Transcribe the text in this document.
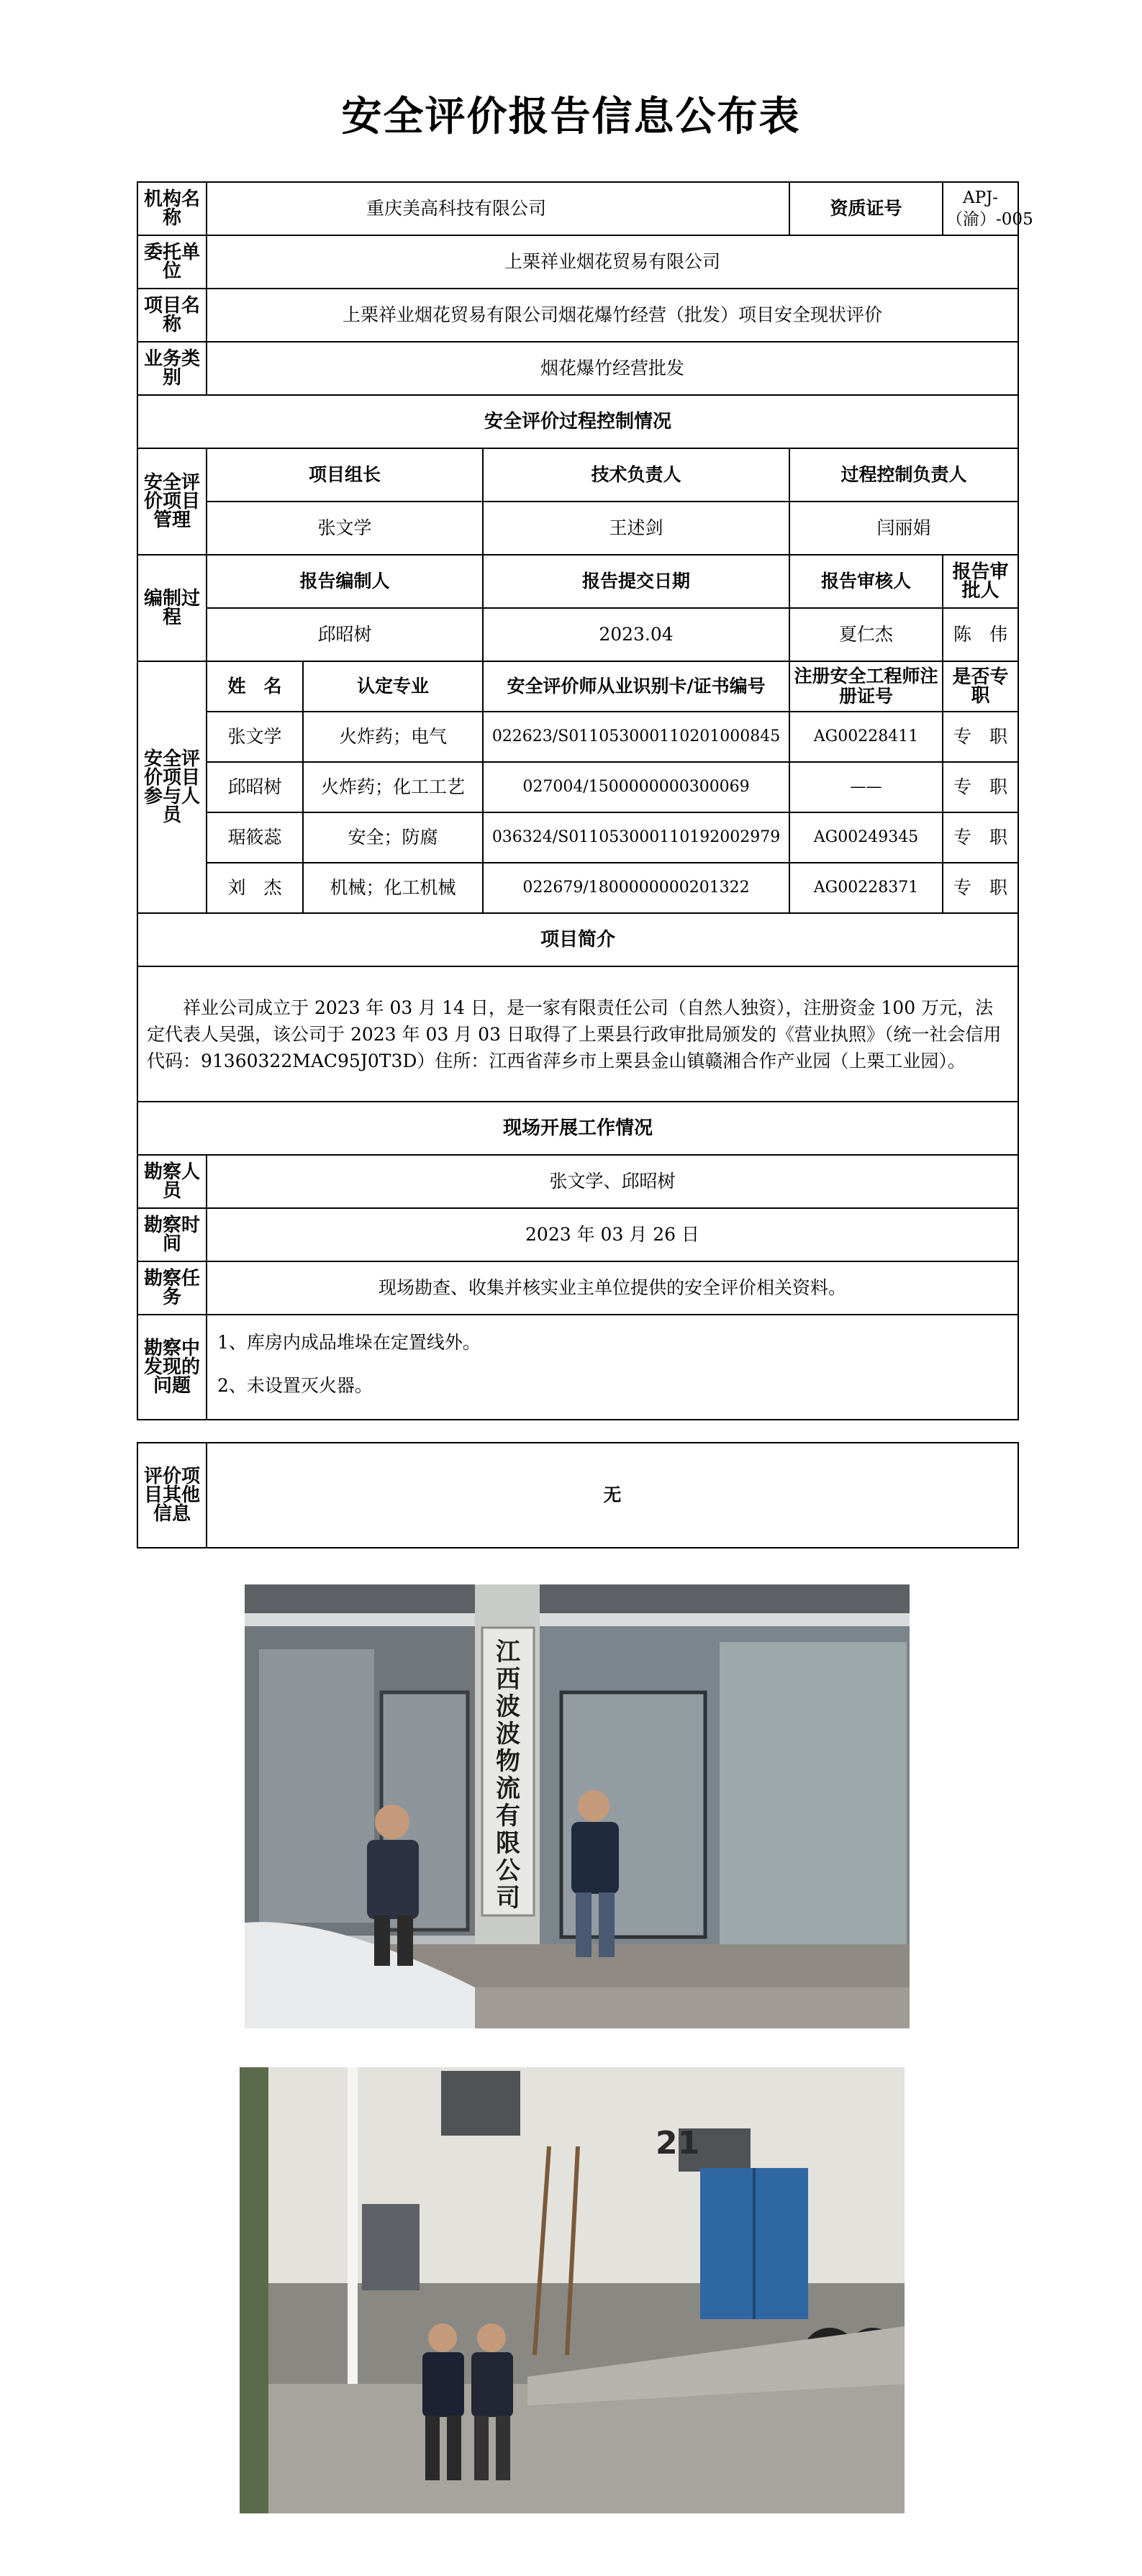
安全评价报告信息公布表
机构名称	重庆美高科技有限公司			资质证号	APJ-（渝）-005
委托单位	上栗祥业烟花贸易有限公司				
项目名称	上栗祥业烟花贸易有限公司烟花爆竹经营（批发）项目安全现状评价				
业务类别	烟花爆竹经营批发				
安全评价过程控制情况					
安全评价项目管理	项目组长		技术负责人	过程控制负责人	
	张文学		王述剑	闫丽娟	
编制过程	报告编制人		报告提交日期	报告审核人	报告审批人
	邱昭树		2023.04	夏仁杰	陈　伟
安全评价项目参与人员	姓　名	认定专业	安全评价师从业识别卡/证书编号	注册安全工程师注册证号	是否专职
	张文学	火炸药；电气	022623/S011053000110201000845	AG00228411	专　职
	邱昭树	火炸药；化工工艺	027004/1500000000300069	——	专　职
	琚筱蕊	安全；防腐	036324/S011053000110192002979	AG00249345	专　职
	刘　杰	机械；化工机械	022679/1800000000201322	AG00228371	专　职
项目简介					
祥业公司成立于 2023 年 03 月 14 日，是一家有限责任公司（自然人独资），注册资金 100 万元，法定代表人吴强，该公司于 2023 年 03 月 03 日取得了上栗县行政审批局颁发的《营业执照》（统一社会信用代码：91360322MAC95J0T3D）住所：江西省萍乡市上栗县金山镇赣湘合作产业园（上栗工业园）。					
现场开展工作情况					
勘察人员	张文学、邱昭树				
勘察时间	2023 年 03 月 26 日				
勘察任务	现场勘查、收集并核实业主单位提供的安全评价相关资料。				
勘察中发现的问题	1、库房内成品堆垛在定置线外。
2、未设置灭火器。				
评价项目其他信息	无
江西波波物流有限公司
21
